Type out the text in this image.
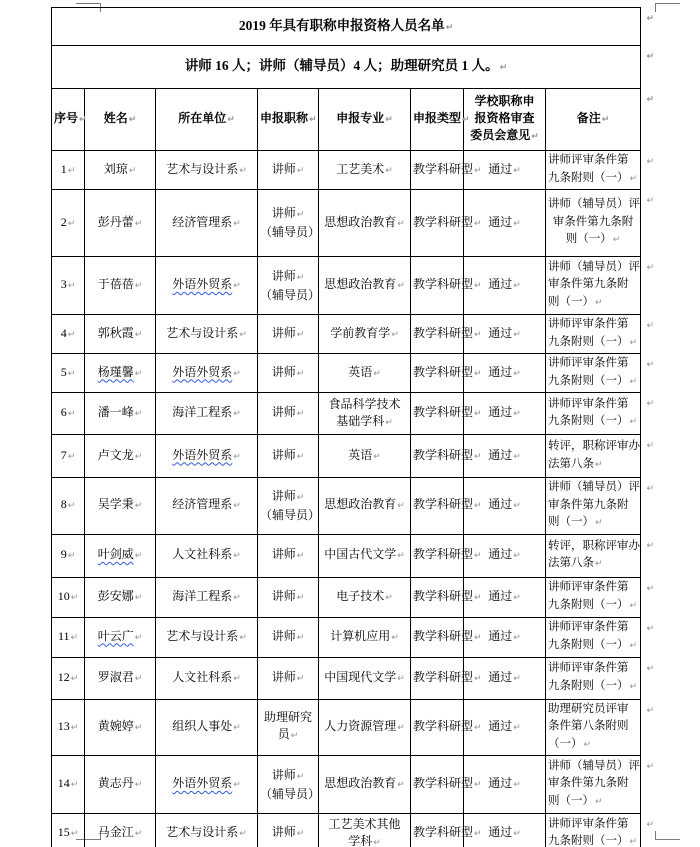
2019 年具有职称申报资格人员名单↵
↵							

讲师 16 人；讲师（辅导员）4 人；助理研究员 1 人。↵
↵							

序号↵	姓名↵	所在单位↵	申报职称↵	申报专业↵	申报类型↵	学校职称申
报资格审查
委员会意见↵	备注↵
↵

1↵	刘琼↵	艺术与设计系↵	讲师↵	工艺美术↵	教学科研型↵	通过↵	讲师评审条件第
九条附则（一）↵
↵

2↵	彭丹蕾↵	经济管理系↵	讲师↵
（辅导员）	思想政治教育↵	教学科研型↵	通过↵	讲师（辅导员）评
审条件第九条附
则（一）↵
↵

3↵	于蓓蓓↵	外语外贸系↵	讲师↵
（辅导员）	思想政治教育↵	教学科研型↵	通过↵	讲师（辅导员）评
审条件第九条附
则（一）↵
↵

4↵	郭秋霞↵	艺术与设计系↵	讲师↵	学前教育学↵	教学科研型↵	通过↵	讲师评审条件第
九条附则（一）↵
↵

5↵	杨瑾馨↵	外语外贸系↵	讲师↵	英语↵	教学科研型↵	通过↵	讲师评审条件第
九条附则（一）↵
↵

6↵	潘一峰↵	海洋工程系↵	讲师↵	食品科学技术
基础学科↵	教学科研型↵	通过↵	讲师评审条件第
九条附则（一）↵
↵

7↵	卢文龙↵	外语外贸系↵	讲师↵	英语↵	教学科研型↵	通过↵	转评，职称评审办
法第八条↵
↵

8↵	吴学秉↵	经济管理系↵	讲师↵
（辅导员）	思想政治教育↵	教学科研型↵	通过↵	讲师（辅导员）评
审条件第九条附
则（一）↵
↵

9↵	叶剑威↵	人文社科系↵	讲师↵	中国古代文学↵	教学科研型↵	通过↵	转评，职称评审办
法第八条↵
↵

10↵	彭安娜↵	海洋工程系↵	讲师↵	电子技术↵	教学科研型↵	通过↵	讲师评审条件第
九条附则（一）↵
↵

11↵	叶云广↵	艺术与设计系↵	讲师↵	计算机应用↵	教学科研型↵	通过↵	讲师评审条件第
九条附则（一）↵
↵

12↵	罗淑君↵	人文社科系↵	讲师↵	中国现代文学↵	教学科研型↵	通过↵	讲师评审条件第
九条附则（一）↵
↵

13↵	黄婉婷↵	组织人事处↵	助理研究
员↵	人力资源管理↵	教学科研型↵	通过↵	助理研究员评审
条件第八条附则
（一）↵
↵

14↵	黄志丹↵	外语外贸系↵	讲师↵
（辅导员）	思想政治教育↵	教学科研型↵	通过↵	讲师（辅导员）评
审条件第九条附
则（一）↵
↵

15↵	马金江↵	艺术与设计系↵	讲师↵	工艺美术其他
学科↵	教学科研型↵	通过↵	讲师评审条件第
九条附则（一）↵
↵
